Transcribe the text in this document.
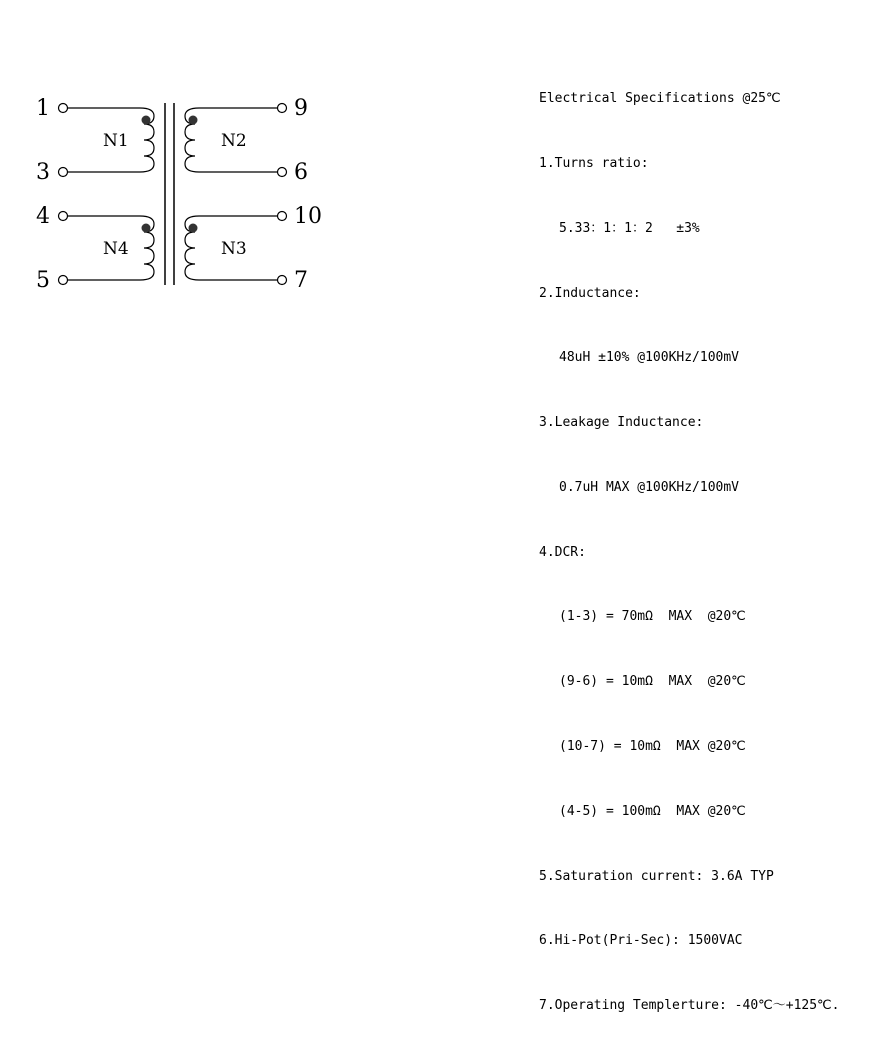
1
3
4
5
9
6
10
7
N1	N2
N4	N3

Electrical Specifications @25℃

1.Turns ratio:

5.33：1：1：2   ±3%

2.Inductance:

48uH ±10% @100KHz/100mV

3.Leakage Inductance:

0.7uH MAX @100KHz/100mV

4.DCR:

(1-3) = 70mΩ  MAX  @20℃

(9-6) = 10mΩ  MAX  @20℃

(10-7) = 10mΩ  MAX @20℃

(4-5) = 100mΩ  MAX @20℃

5.Saturation current: 3.6A TYP

6.Hi-Pot(Pri-Sec): 1500VAC

7.Operating Templerture: -40℃～+125℃.
